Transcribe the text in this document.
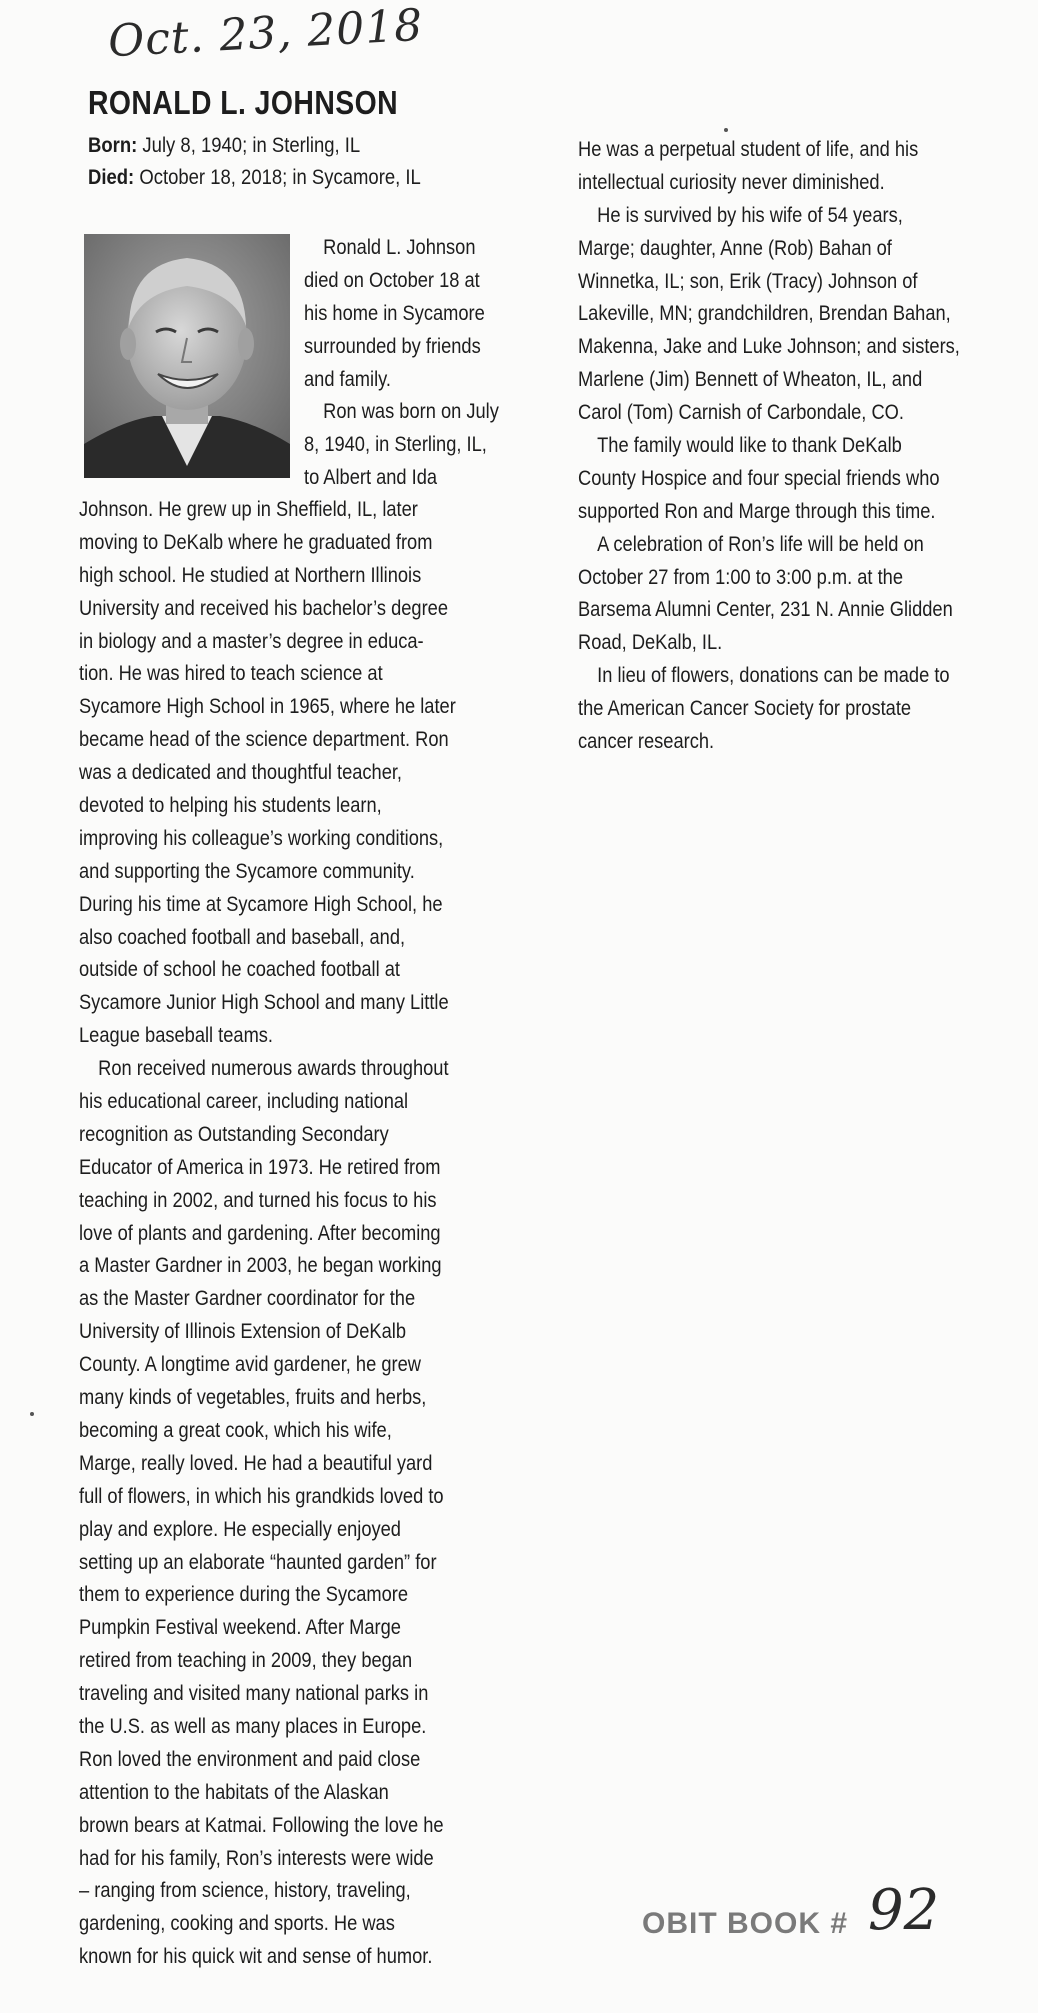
Oct. 23, 2018
RONALD L. JOHNSON
Born: July 8, 1940; in Sterling, IL
Died: October 18, 2018; in Sycamore, IL
Ronald L. Johnson
died on October 18 at
his home in Sycamore
surrounded by friends
and family.
Ron was born on July
8, 1940, in Sterling, IL,
to Albert and Ida
Johnson. He grew up in Sheffield, IL, later
moving to DeKalb where he graduated from
high school. He studied at Northern Illinois
University and received his bachelor’s degree
in biology and a master’s degree in educa-
tion. He was hired to teach science at
Sycamore High School in 1965, where he later
became head of the science department. Ron
was a dedicated and thoughtful teacher,
devoted to helping his students learn,
improving his colleague’s working conditions,
and supporting the Sycamore community.
During his time at Sycamore High School, he
also coached football and baseball, and,
outside of school he coached football at
Sycamore Junior High School and many Little
League baseball teams.
Ron received numerous awards throughout
his educational career, including national
recognition as Outstanding Secondary
Educator of America in 1973. He retired from
teaching in 2002, and turned his focus to his
love of plants and gardening. After becoming
a Master Gardner in 2003, he began working
as the Master Gardner coordinator for the
University of Illinois Extension of DeKalb
County. A longtime avid gardener, he grew
many kinds of vegetables, fruits and herbs,
becoming a great cook, which his wife,
Marge, really loved. He had a beautiful yard
full of flowers, in which his grandkids loved to
play and explore. He especially enjoyed
setting up an elaborate “haunted garden” for
them to experience during the Sycamore
Pumpkin Festival weekend. After Marge
retired from teaching in 2009, they began
traveling and visited many national parks in
the U.S. as well as many places in Europe.
Ron loved the environment and paid close
attention to the habitats of the Alaskan
brown bears at Katmai. Following the love he
had for his family, Ron’s interests were wide
– ranging from science, history, traveling,
gardening, cooking and sports. He was
known for his quick wit and sense of humor.
He was a perpetual student of life, and his
intellectual curiosity never diminished.
He is survived by his wife of 54 years,
Marge; daughter, Anne (Rob) Bahan of
Winnetka, IL; son, Erik (Tracy) Johnson of
Lakeville, MN; grandchildren, Brendan Bahan,
Makenna, Jake and Luke Johnson; and sisters,
Marlene (Jim) Bennett of Wheaton, IL, and
Carol (Tom) Carnish of Carbondale, CO.
The family would like to thank DeKalb
County Hospice and four special friends who
supported Ron and Marge through this time.
A celebration of Ron’s life will be held on
October 27 from 1:00 to 3:00 p.m. at the
Barsema Alumni Center, 231 N. Annie Glidden
Road, DeKalb, IL.
In lieu of flowers, donations can be made to
the American Cancer Society for prostate
cancer research.
OBIT BOOK # 92
